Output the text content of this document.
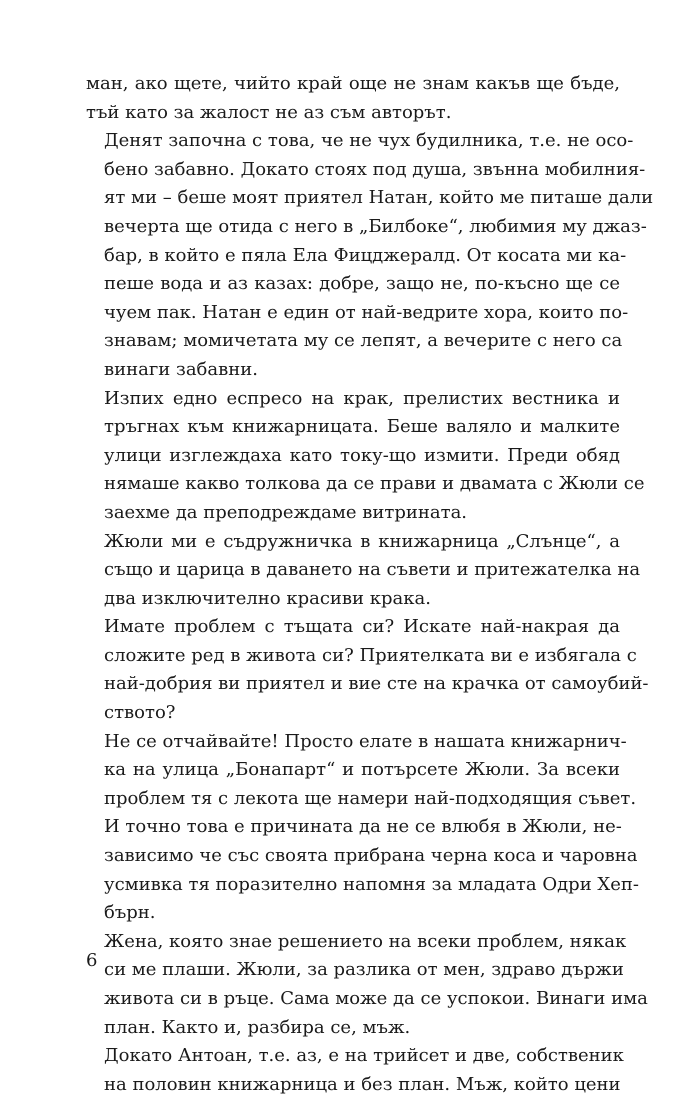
ман, ако щете, чийто край още не знам какъв ще бъде,
тъй като за жалост не аз съм авторът.

Денят започна с това, че не чух будилника, т.е. не осо-
бено забавно. Докато стоях под душа, звънна мобилния-
ят ми – беше моят приятел Натан, който ме питаше дали
вечерта ще отида с него в „Билбоке“, любимия му джаз-
бар, в който е пяла Ела Фицджералд. От косата ми ка-
пеше вода и аз казах: добре, защо не, по-късно ще се
чуем пак. Натан е един от най-ведрите хора, които по-
знавам; момичетата му се лепят, а вечерите с него са
винаги забавни.

Изпих едно еспресо на крак, прелистих вестника и
тръгнах към книжарницата. Беше валяло и малките
улици изглеждаха като току-що измити. Преди обяд
нямаше какво толкова да се прави и двамата с Жюли се
заехме да преподреждаме витрината.

Жюли ми е съдружничка в книжарница „Слънце“, а
също и царица в даването на съвети и притежателка на
два изключително красиви крака.

Имате проблем с тъщата си? Искате най-накрая да
сложите ред в живота си? Приятелката ви е избягала с
най-добрия ви приятел и вие сте на крачка от самоубий-
ството?

Не се отчайвайте! Просто елате в нашата книжарнич-
ка на улица „Бонапарт“ и потърсете Жюли. За всеки
проблем тя с лекота ще намери най-подходящия съвет.

И точно това е причината да не се влюбя в Жюли, не-
зависимо че със своята прибрана черна коса и чаровна
усмивка тя поразително напомня за младата Одри Хеп-
бърн.

Жена, която знае решението на всеки проблем, някак
си ме плаши. Жюли, за разлика от мен, здраво държи
живота си в ръце. Сама може да се успокои. Винаги има
план. Както и, разбира се, мъж.

Докато Антоан, т.е. аз, е на трийсет и две, собственик
на половин книжарница и без план. Мъж, който цени

6
